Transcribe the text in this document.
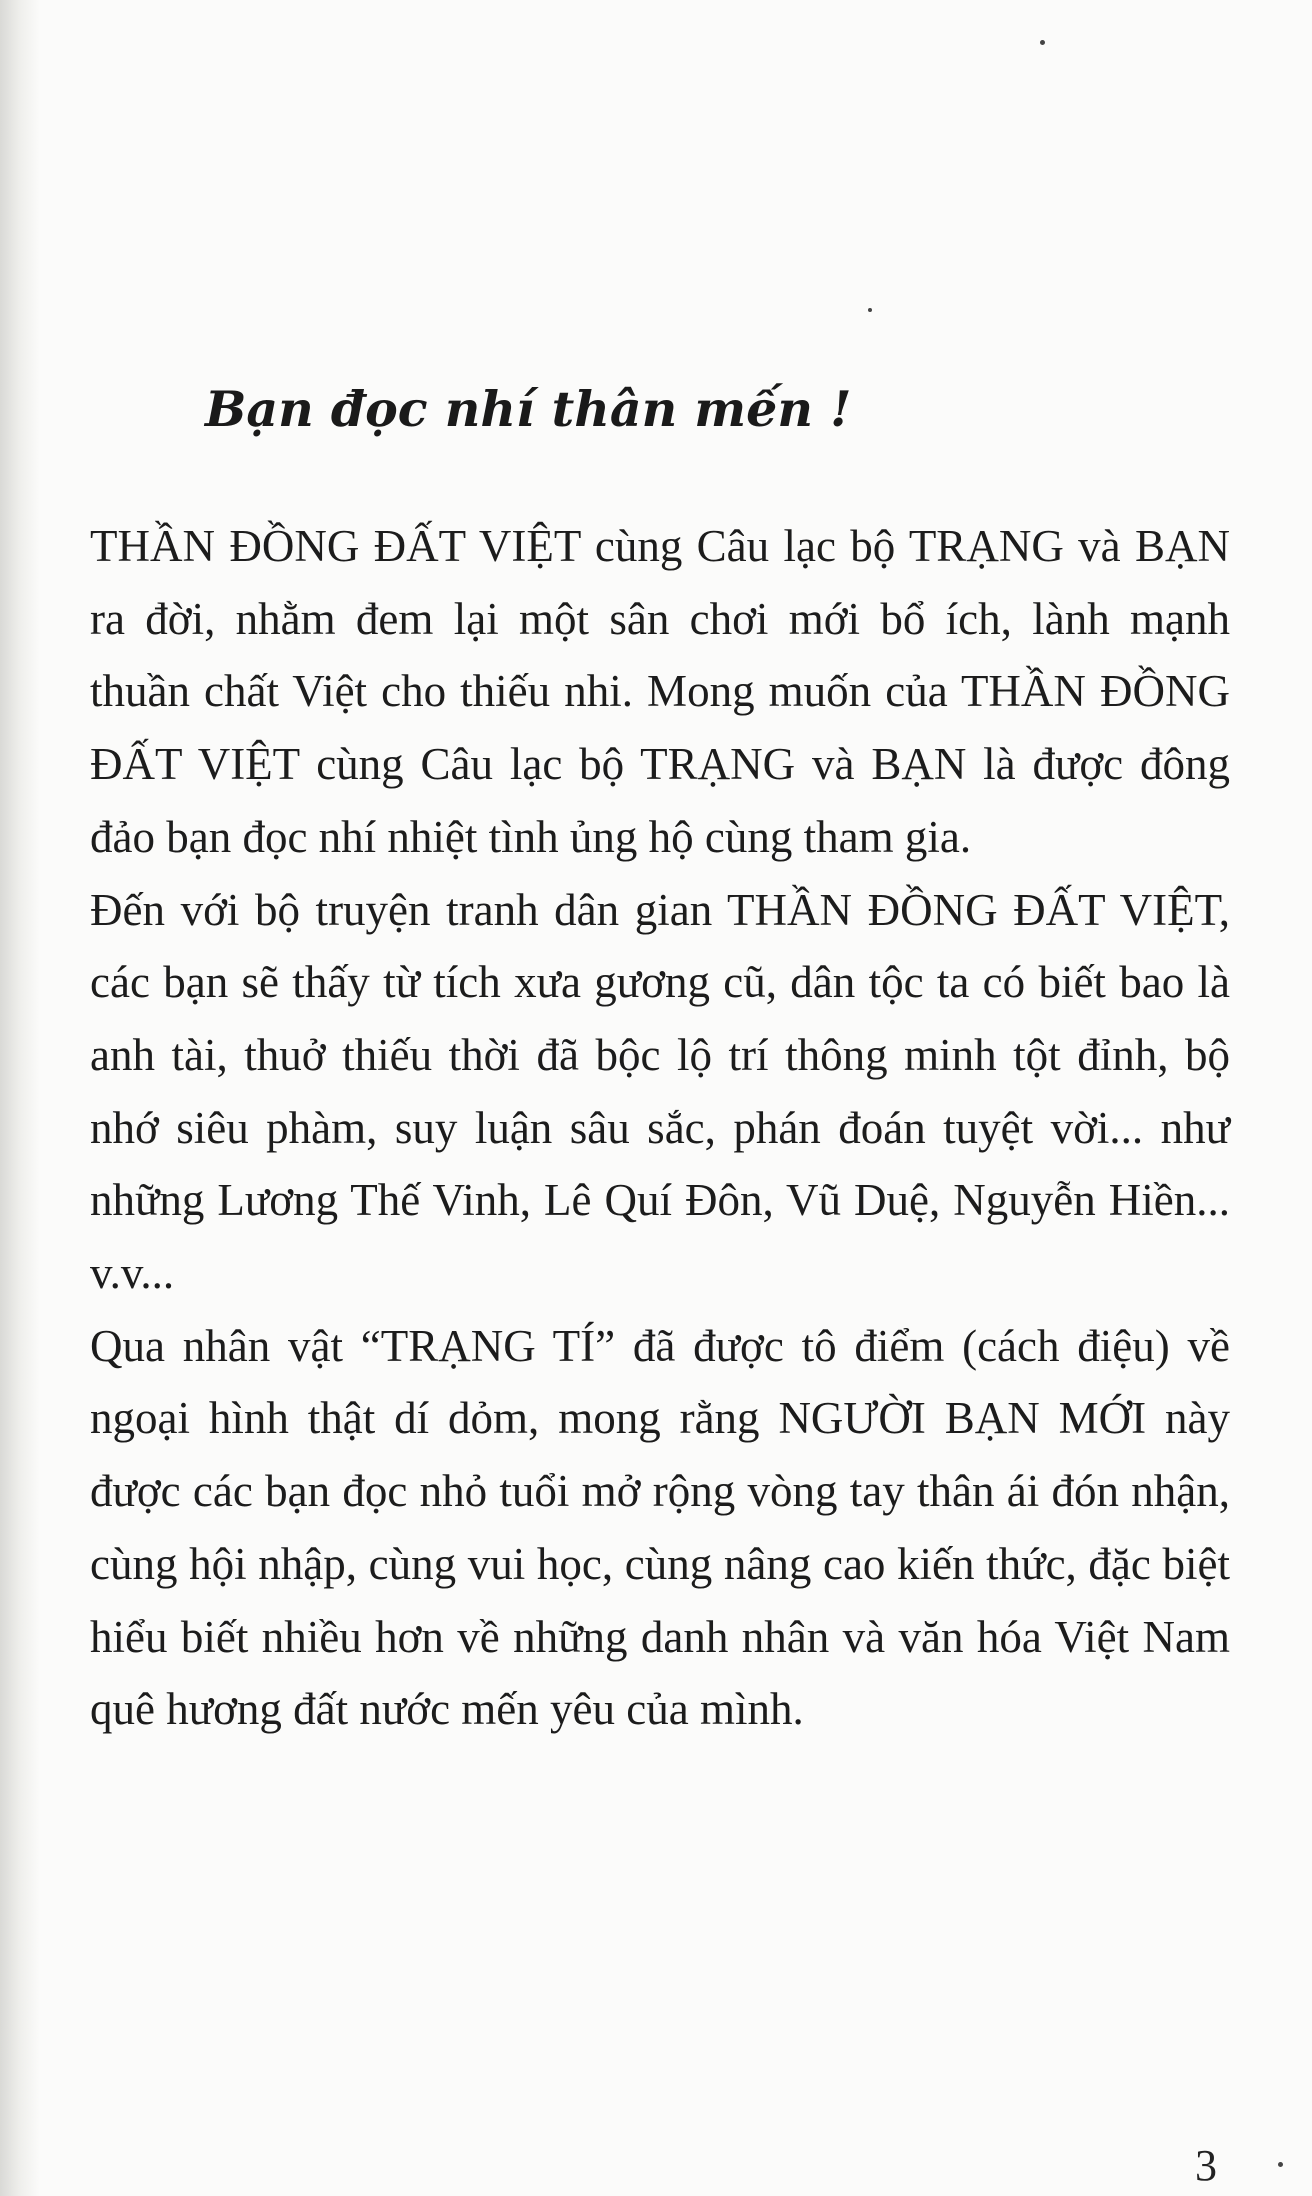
Bạn đọc nhí thân mến !

THẦN ĐỒNG ĐẤT VIỆT cùng Câu lạc bộ TRẠNG và BẠN ra đời, nhằm đem lại một sân chơi mới bổ ích, lành mạnh thuần chất Việt cho thiếu nhi. Mong muốn của THẦN ĐỒNG ĐẤT VIỆT cùng Câu lạc bộ TRẠNG và BẠN là được đông đảo bạn đọc nhí nhiệt tình ủng hộ cùng tham gia.

Đến với bộ truyện tranh dân gian THẦN ĐỒNG ĐẤT VIỆT, các bạn sẽ thấy từ tích xưa gương cũ, dân tộc ta có biết bao là anh tài, thuở thiếu thời đã bộc lộ trí thông minh tột đỉnh, bộ nhớ siêu phàm, suy luận sâu sắc, phán đoán tuyệt vời... như những Lương Thế Vinh, Lê Quí Đôn, Vũ Duệ, Nguyễn Hiền... v.v...

Qua nhân vật “TRẠNG TÍ” đã được tô điểm (cách điệu) về ngoại hình thật dí dỏm, mong rằng NGƯỜI BẠN MỚI này được các bạn đọc nhỏ tuổi mở rộng vòng tay thân ái đón nhận, cùng hội nhập, cùng vui học, cùng nâng cao kiến thức, đặc biệt hiểu biết nhiều hơn về những danh nhân và văn hóa Việt Nam quê hương đất nước mến yêu của mình.

3
